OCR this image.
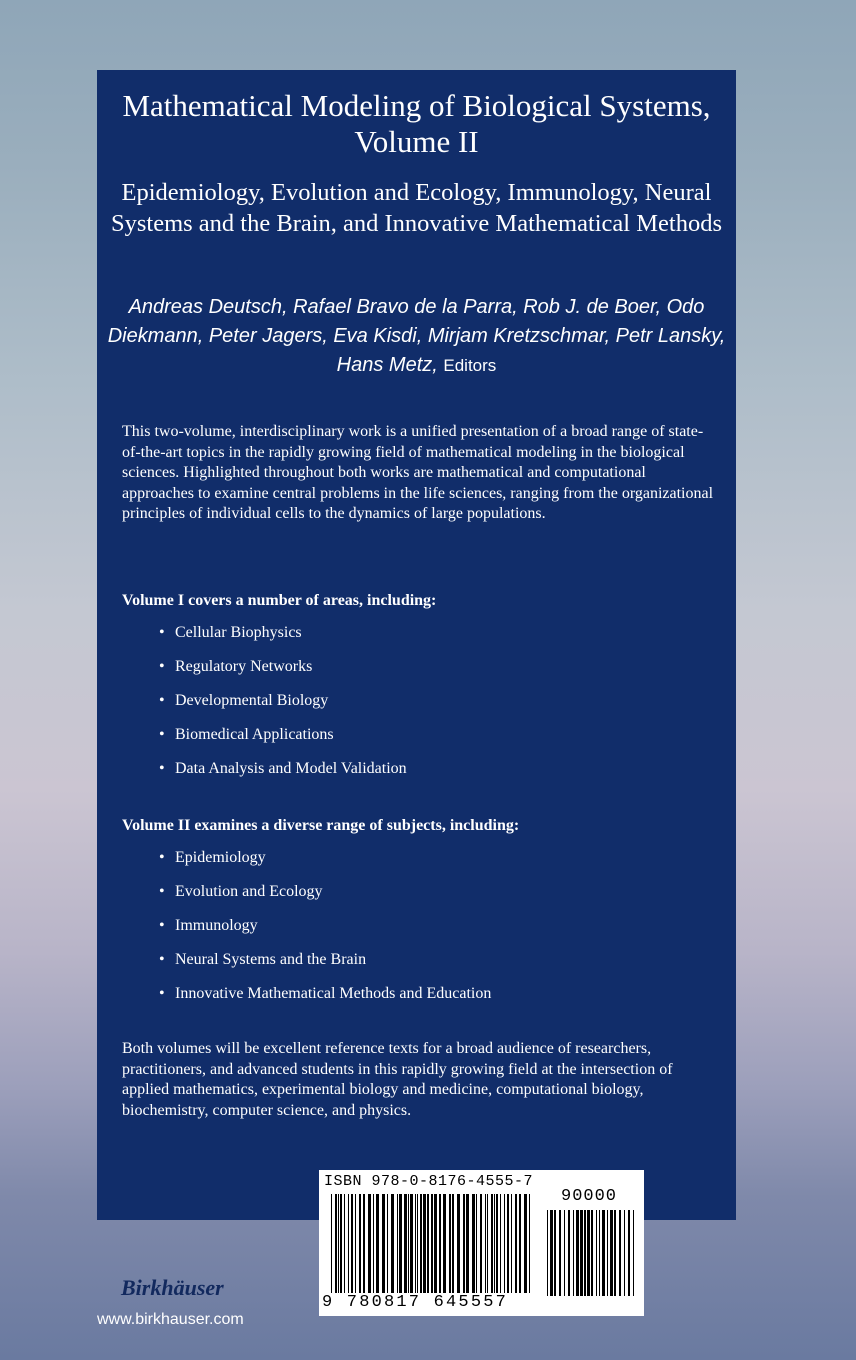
Mathematical Modeling of Biological Systems, Volume II

Epidemiology, Evolution and Ecology, Immunology, Neural Systems and the Brain, and Innovative Mathematical Methods

Andreas Deutsch, Rafael Bravo de la Parra, Rob J. de Boer, Odo Diekmann, Peter Jagers, Eva Kisdi, Mirjam Kretzschmar, Petr Lansky, Hans Metz, Editors

This two-volume, interdisciplinary work is a unified presentation of a broad range of state-of-the-art topics in the rapidly growing field of mathematical modeling in the biological sciences. Highlighted throughout both works are mathematical and computational approaches to examine central problems in the life sciences, ranging from the organizational principles of individual cells to the dynamics of large populations.

Volume I covers a number of areas, including:

• Cellular Biophysics
• Regulatory Networks
• Developmental Biology
• Biomedical Applications
• Data Analysis and Model Validation

Volume II examines a diverse range of subjects, including:

• Epidemiology
• Evolution and Ecology
• Immunology
• Neural Systems and the Brain
• Innovative Mathematical Methods and Education

Both volumes will be excellent reference texts for a broad audience of researchers, practitioners, and advanced students in this rapidly growing field at the intersection of applied mathematics, experimental biology and medicine, computational biology, biochemistry, computer science, and physics.

ISBN 978-0-8176-4555-7
90000
9 780817 645557

Birkhäuser

www.birkhauser.com
